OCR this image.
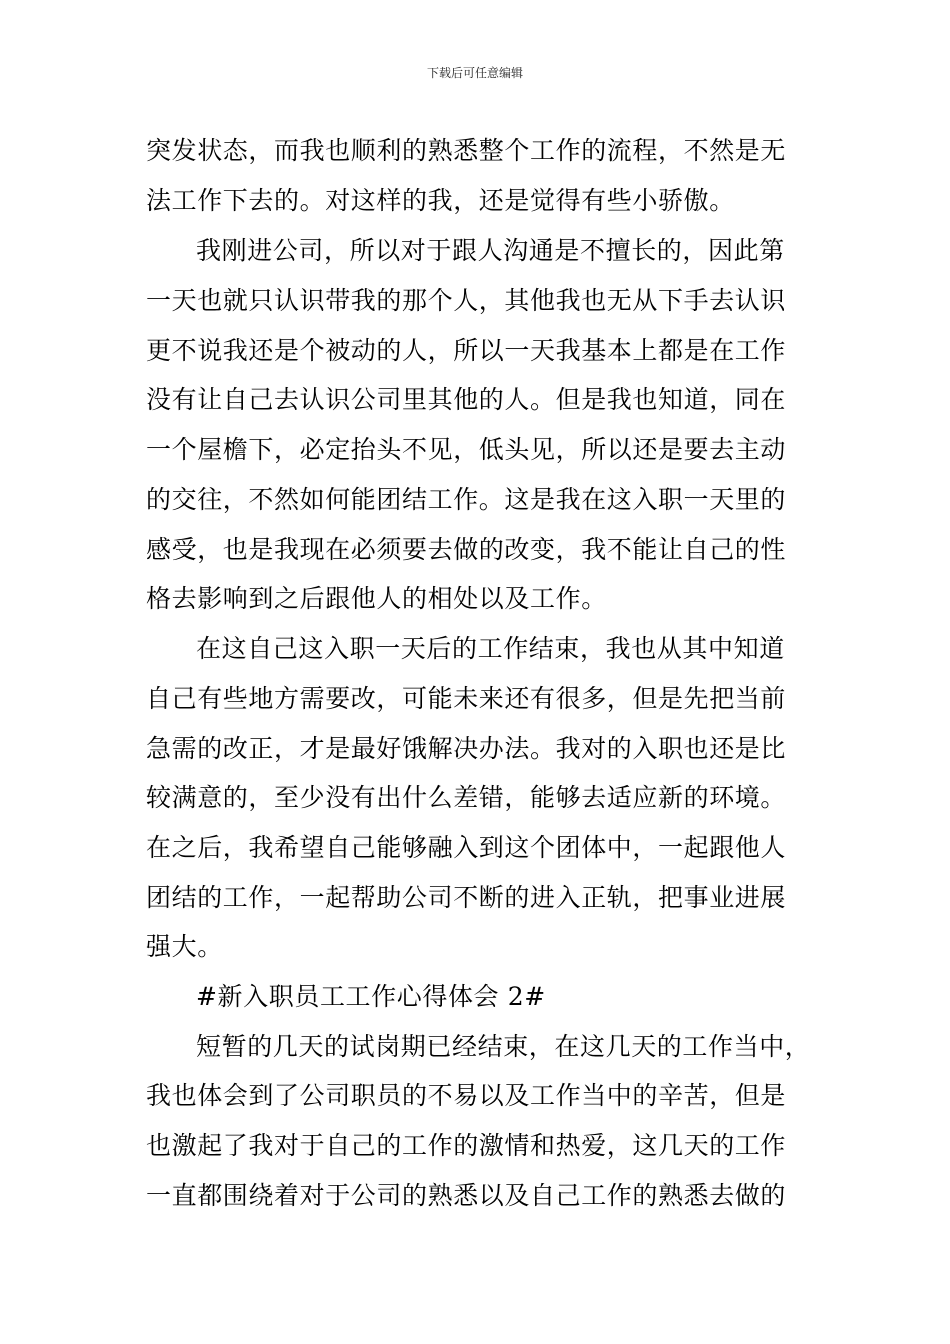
下载后可任意编辑
突发状态，而我也顺利的熟悉整个工作的流程，不然是无
法工作下去的。对这样的我，还是觉得有些小骄傲。
我刚进公司，所以对于跟人沟通是不擅长的，因此第
一天也就只认识带我的那个人，其他我也无从下手去认识
更不说我还是个被动的人，所以一天我基本上都是在工作
没有让自己去认识公司里其他的人。但是我也知道，同在
一个屋檐下，必定抬头不见，低头见，所以还是要去主动
的交往，不然如何能团结工作。这是我在这入职一天里的
感受，也是我现在必须要去做的改变，我不能让自己的性
格去影响到之后跟他人的相处以及工作。
在这自己这入职一天后的工作结束，我也从其中知道
自己有些地方需要改，可能未来还有很多，但是先把当前
急需的改正，才是最好饿解决办法。我对的入职也还是比
较满意的，至少没有出什么差错，能够去适应新的环境。
在之后，我希望自己能够融入到这个团体中，一起跟他人
团结的工作，一起帮助公司不断的进入正轨，把事业进展
强大。
#新入职员工工作心得体会 2#
短暂的几天的试岗期已经结束，在这几天的工作当中，
我也体会到了公司职员的不易以及工作当中的辛苦，但是
也激起了我对于自己的工作的激情和热爱，这几天的工作
一直都围绕着对于公司的熟悉以及自己工作的熟悉去做的
